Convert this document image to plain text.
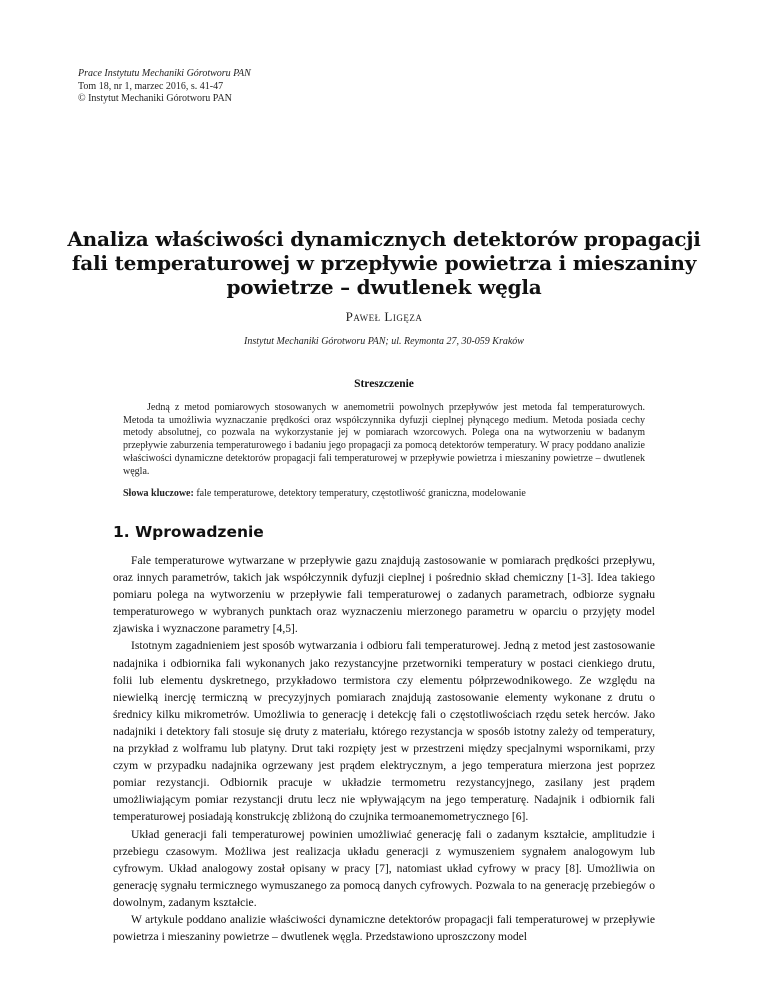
Prace Instytutu Mechaniki Górotworu PAN
Tom 18, nr 1, marzec 2016, s. 41-47
© Instytut Mechaniki Górotworu PAN
Analiza właściwości dynamicznych detektorów propagacji
fali temperaturowej w przepływie powietrza i mieszaniny
powietrze – dwutlenek węgla
Paweł Ligęza
Instytut Mechaniki Górotworu PAN; ul. Reymonta 27, 30-059 Kraków
Streszczenie
Jedną z metod pomiarowych stosowanych w anemometrii powolnych przepływów jest metoda fal temperaturowych. Metoda ta umożliwia wyznaczanie prędkości oraz współczynnika dyfuzji cieplnej płynącego medium. Metoda posiada cechy metody absolutnej, co pozwala na wykorzystanie jej w pomiarach wzorcowych. Polega ona na wytworzeniu w badanym przepływie zaburzenia temperaturowego i badaniu jego propagacji za pomocą detektorów temperatury. W pracy poddano analizie właściwości dynamiczne detektorów propagacji fali temperaturowej w przepływie powietrza i mieszaniny powietrze – dwutlenek węgla.
Słowa kluczowe: fale temperaturowe, detektory temperatury, częstotliwość graniczna, modelowanie
1. Wprowadzenie

Fale temperaturowe wytwarzane w przepływie gazu znajdują zastosowanie w pomiarach prędkości przepływu, oraz innych parametrów, takich jak współczynnik dyfuzji cieplnej i pośrednio skład chemiczny [1-3]. Idea takiego pomiaru polega na wytworzeniu w przepływie fali temperaturowej o zadanych parametrach, odbiorze sygnału temperaturowego w wybranych punktach oraz wyznaczeniu mierzonego parametru w oparciu o przyjęty model zjawiska i wyznaczone parametry [4,5].

Istotnym zagadnieniem jest sposób wytwarzania i odbioru fali temperaturowej. Jedną z metod jest zastosowanie nadajnika i odbiornika fali wykonanych jako rezystancyjne przetworniki temperatury w postaci cienkiego drutu, folii lub elementu dyskretnego, przykładowo termistora czy elementu półprzewodnikowego. Ze względu na niewielką inercję termiczną w precyzyjnych pomiarach znajdują zastosowanie elementy wykonane z drutu o średnicy kilku mikrometrów. Umożliwia to generację i detekcję fali o częstotliwościach rzędu setek herców. Jako nadajniki i detektory fali stosuje się druty z materiału, którego rezystancja w sposób istotny zależy od temperatury, na przykład z wolframu lub platyny. Drut taki rozpięty jest w przestrzeni między specjalnymi wspornikami, przy czym w przypadku nadajnika ogrzewany jest prądem elektrycznym, a jego temperatura mierzona jest poprzez pomiar rezystancji. Odbiornik pracuje w układzie termometru rezystancyjnego, zasilany jest prądem umożliwiającym pomiar rezystancji drutu lecz nie wpływającym na jego temperaturę. Nadajnik i odbiornik fali temperaturowej posiadają konstrukcję zbliżoną do czujnika termoanemometrycznego [6].

Układ generacji fali temperaturowej powinien umożliwiać generację fali o zadanym kształcie, amplitudzie i przebiegu czasowym. Możliwa jest realizacja układu generacji z wymuszeniem sygnałem analogowym lub cyfrowym. Układ analogowy został opisany w pracy [7], natomiast układ cyfrowy w pracy [8]. Umożliwia on generację sygnału termicznego wymuszanego za pomocą danych cyfrowych. Pozwala to na generację przebiegów o dowolnym, zadanym kształcie.

W artykule poddano analizie właściwości dynamiczne detektorów propagacji fali temperaturowej w przepływie powietrza i mieszaniny powietrze – dwutlenek węgla. Przedstawiono uproszczony model
